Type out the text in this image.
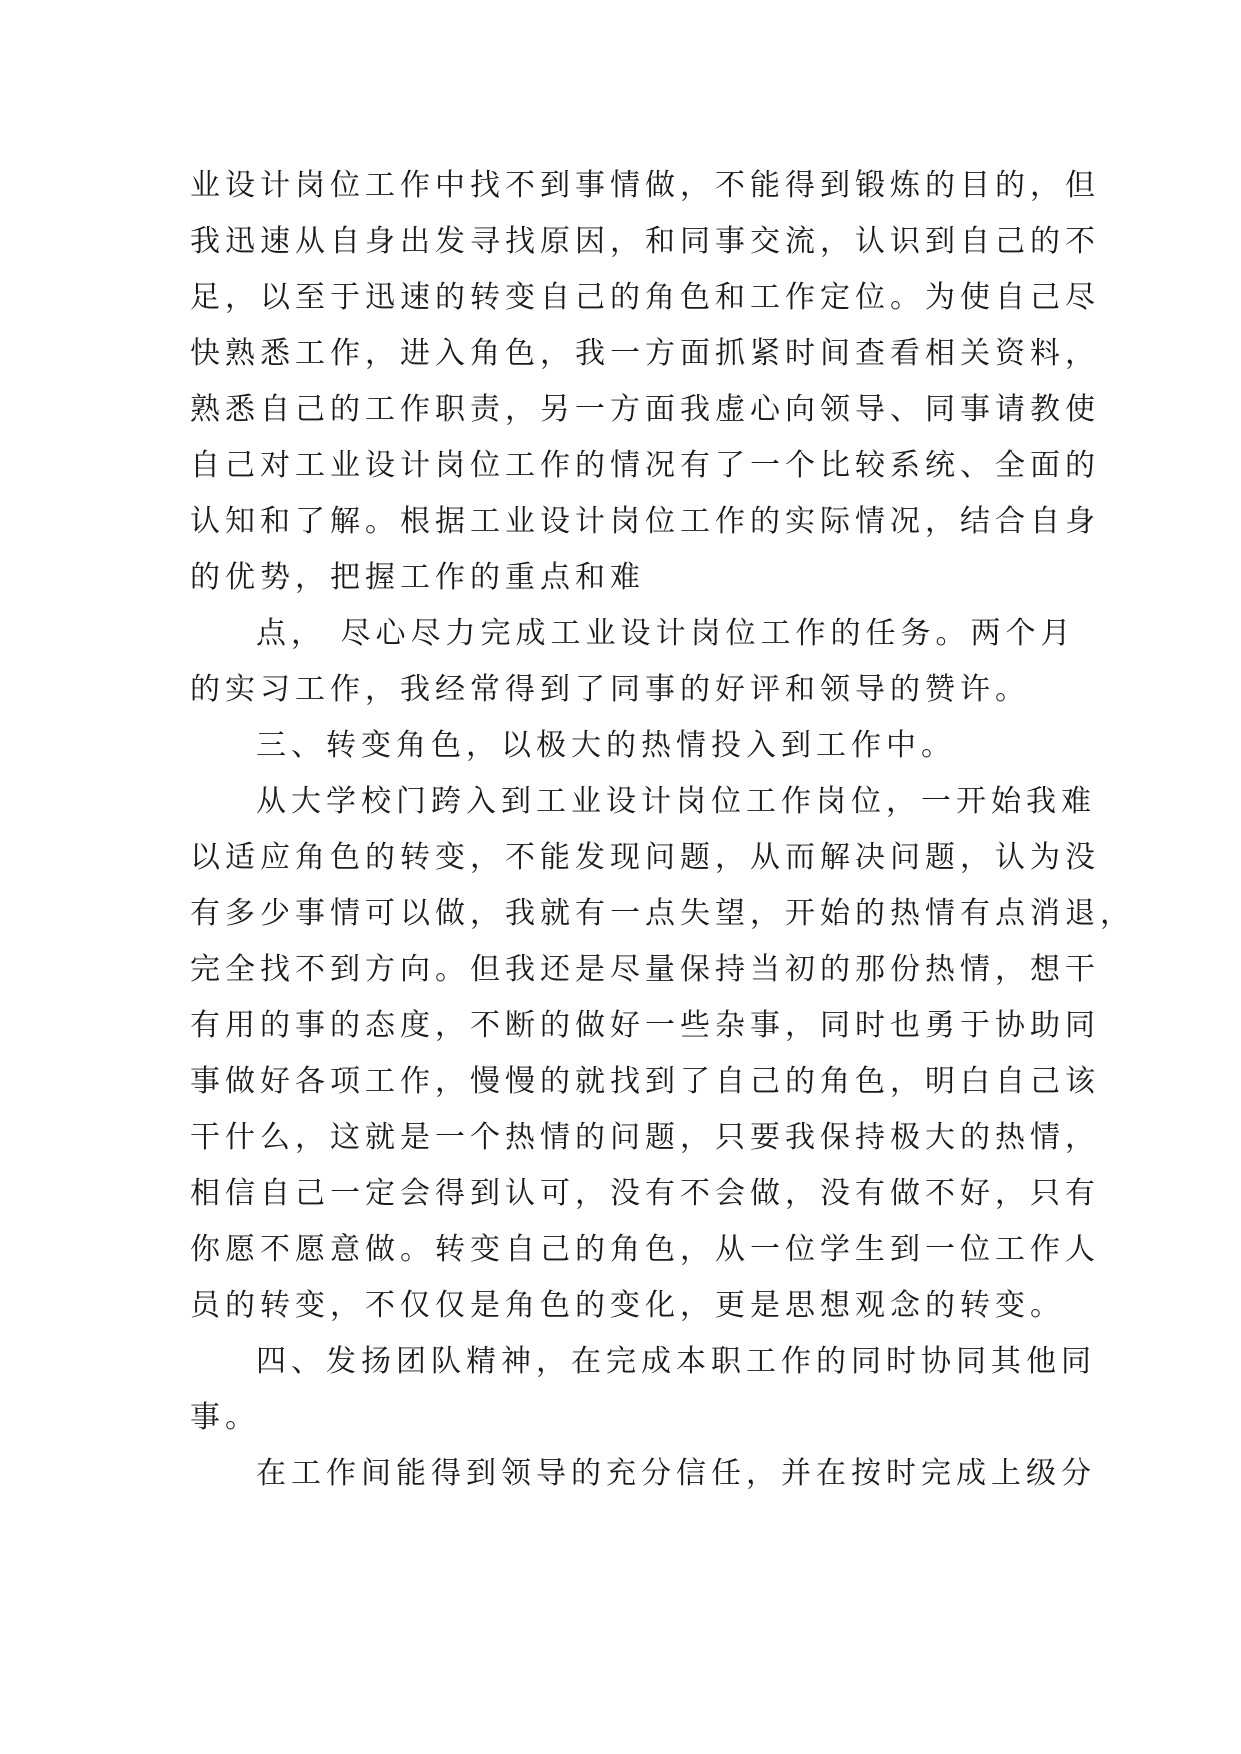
业设计岗位工作中找不到事情做，不能得到锻炼的目的，但
我迅速从自身出发寻找原因，和同事交流，认识到自己的不
足，以至于迅速的转变自己的角色和工作定位。为使自己尽
快熟悉工作，进入角色，我一方面抓紧时间查看相关资料，
熟悉自己的工作职责，另一方面我虚心向领导、同事请教使
自己对工业设计岗位工作的情况有了一个比较系统、全面的
认知和了解。根据工业设计岗位工作的实际情况，结合自身
的优势，把握工作的重点和难
点， 尽心尽力完成工业设计岗位工作的任务。两个月
的实习工作，我经常得到了同事的好评和领导的赞许。
三、转变角色，以极大的热情投入到工作中。
从大学校门跨入到工业设计岗位工作岗位，一开始我难
以适应角色的转变，不能发现问题，从而解决问题，认为没
有多少事情可以做，我就有一点失望，开始的热情有点消退，
完全找不到方向。但我还是尽量保持当初的那份热情，想干
有用的事的态度，不断的做好一些杂事，同时也勇于协助同
事做好各项工作，慢慢的就找到了自己的角色，明白自己该
干什么，这就是一个热情的问题，只要我保持极大的热情，
相信自己一定会得到认可，没有不会做，没有做不好，只有
你愿不愿意做。转变自己的角色，从一位学生到一位工作人
员的转变，不仅仅是角色的变化，更是思想观念的转变。
四、发扬团队精神，在完成本职工作的同时协同其他同
事。
在工作间能得到领导的充分信任，并在按时完成上级分
